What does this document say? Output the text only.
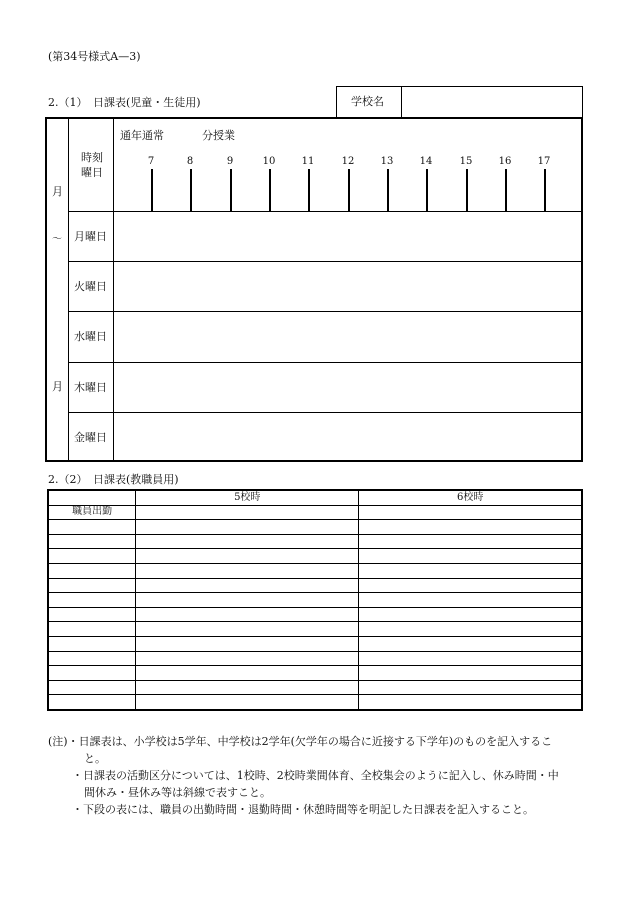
(第34号様式A—3)
2.（1）　日課表(児童・生徒用)	学校名
月
〜
月
時刻
曜日
通年通常	分授業
7	8	9	10	11	12	13	14	15	16	17
月曜日
火曜日
水曜日
木曜日
金曜日
2.（2）　日課表(教職員用)
	5校時	6校時
職員出勤		

(注)・日課表は、小学校は5学年、中学校は2学年(欠学年の場合に近接する下学年)のものを記入するこ
と。
・日課表の活動区分については、1校時、2校時業間体育、全校集会のように記入し、休み時間・中
間休み・昼休み等は斜線で表すこと。
・下段の表には、職員の出勤時間・退勤時間・休憩時間等を明記した日課表を記入すること。
